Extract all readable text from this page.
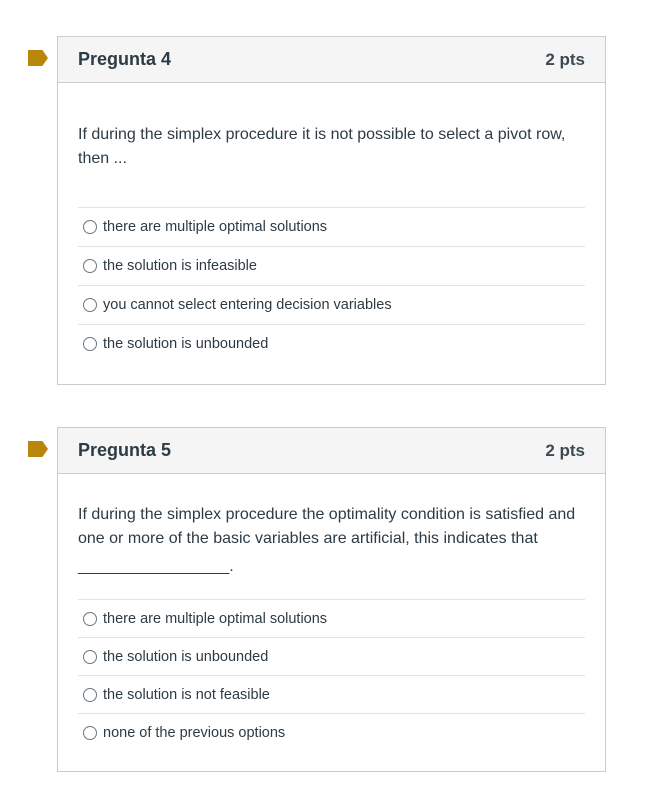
Pregunta 4	2 pts

If during the simplex procedure it is not possible to select a pivot row, then ...

there are multiple optimal solutions
the solution is infeasible
you cannot select entering decision variables
the solution is unbounded
Pregunta 5	2 pts

If during the simplex procedure the optimality condition is satisfied and one or more of the basic variables are artificial, this indicates that

_________________.

there are multiple optimal solutions
the solution is unbounded
the solution is not feasible
none of the previous options
